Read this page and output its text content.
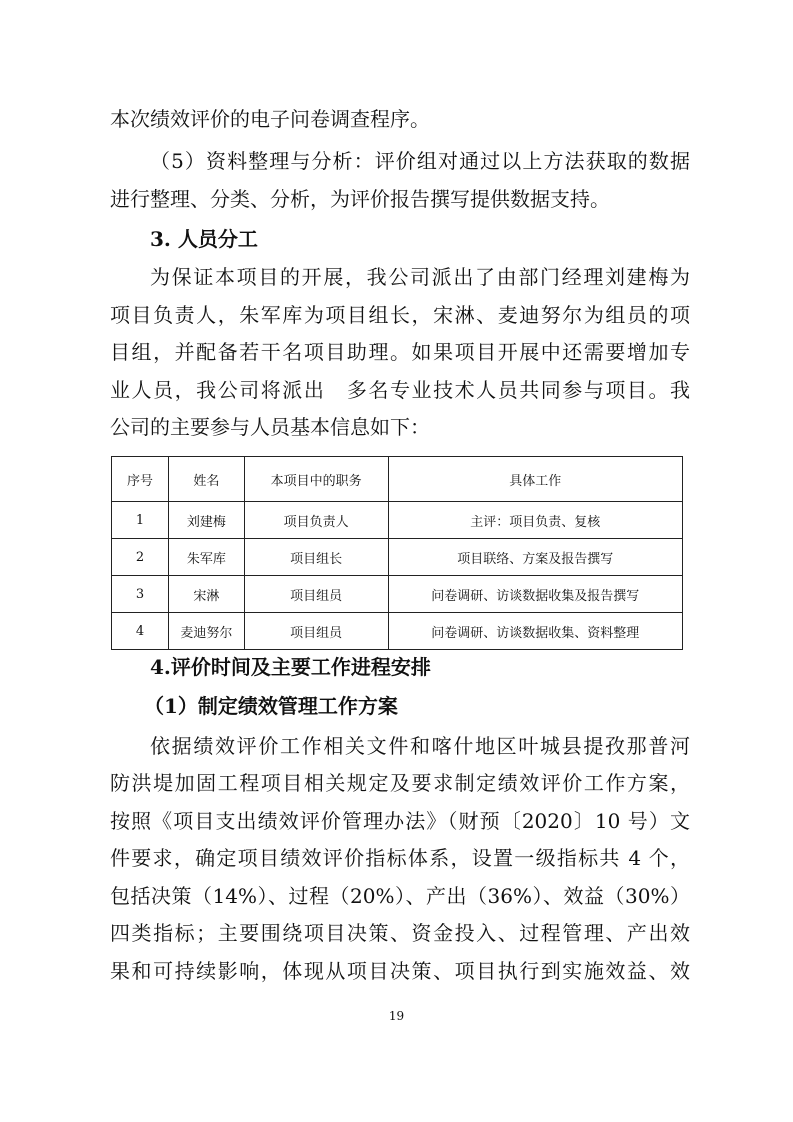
本次绩效评价的电子问卷调查程序。
（5）资料整理与分析：评价组对通过以上方法获取的数据
进行整理、分类、分析，为评价报告撰写提供数据支持。
3. 人员分工
为保证本项目的开展，我公司派出了由部门经理刘建梅为
项目负责人，朱军库为项目组长，宋淋、麦迪努尔为组员的项
目组，并配备若干名项目助理。如果项目开展中还需要增加专
业人员，我公司将派出　多名专业技术人员共同参与项目。我
公司的主要参与人员基本信息如下：
序号	姓名	本项目中的职务	具体工作
1	刘建梅	项目负责人	主评：项目负责、复核
2	朱军库	项目组长	项目联络、方案及报告撰写
3	宋淋	项目组员	问卷调研、访谈数据收集及报告撰写
4	麦迪努尔	项目组员	问卷调研、访谈数据收集、资料整理
4.评价时间及主要工作进程安排
（1）制定绩效管理工作方案
依据绩效评价工作相关文件和喀什地区叶城县提孜那普河
防洪堤加固工程项目相关规定及要求制定绩效评价工作方案，
按照《项目支出绩效评价管理办法》（财预〔2020〕10 号）文
件要求，确定项目绩效评价指标体系，设置一级指标共 4 个，
包括决策（14%）、过程（20%）、产出（36%）、效益（30%）
四类指标；主要围绕项目决策、资金投入、过程管理、产出效
果和可持续影响，体现从项目决策、项目执行到实施效益、效
19
